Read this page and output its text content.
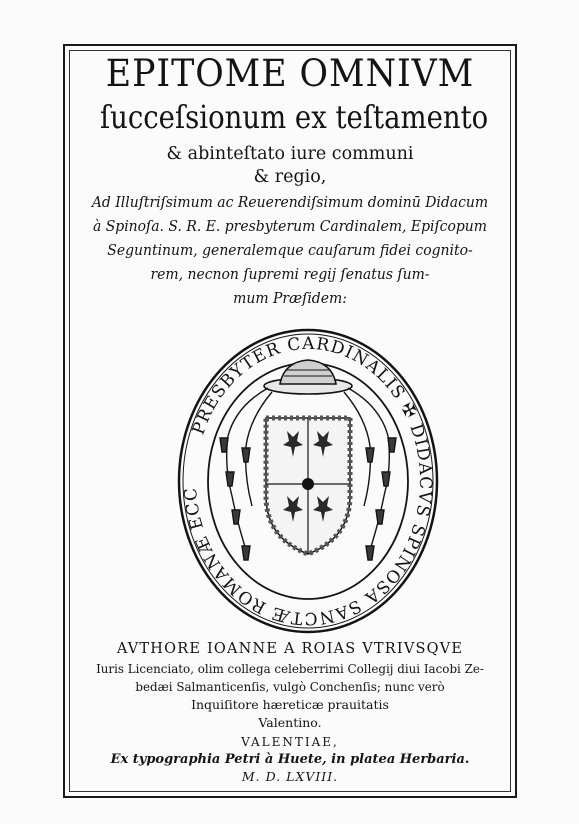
EPITOME OMNIVM
ſucceſsionum ex teſtamento
& abinteſtato iure communi
& regio,
Ad Illuſtriſsimum ac Reuerendiſsimum dominū Didacum
à Spinoſa. S. R. E. presbyterum Cardinalem, Epiſcopum
Seguntinum, generalemque cauſarum fidei cognito-
rem, necnon ſupremi regij ſenatus ſum-
mum Præſidem:
PRESBYTER CARDINALIS ✠ DIDACVS SPINOSA SANCTÆ ROMANÆ ECC
AVTHORE IOANNE A ROIAS VTRIVSQVE
Iuris Licenciato, olim collega celeberrimi Collegij diui Iacobi Ze-
bedæi Salmanticenſis, vulgò Conchenſis; nunc verò
Inquiſitore hæreticæ prauitatis
Valentino.
VALENTIAE,
Ex typographia Petri à Huete, in platea Herbaria.
M. D. LXVIII.
